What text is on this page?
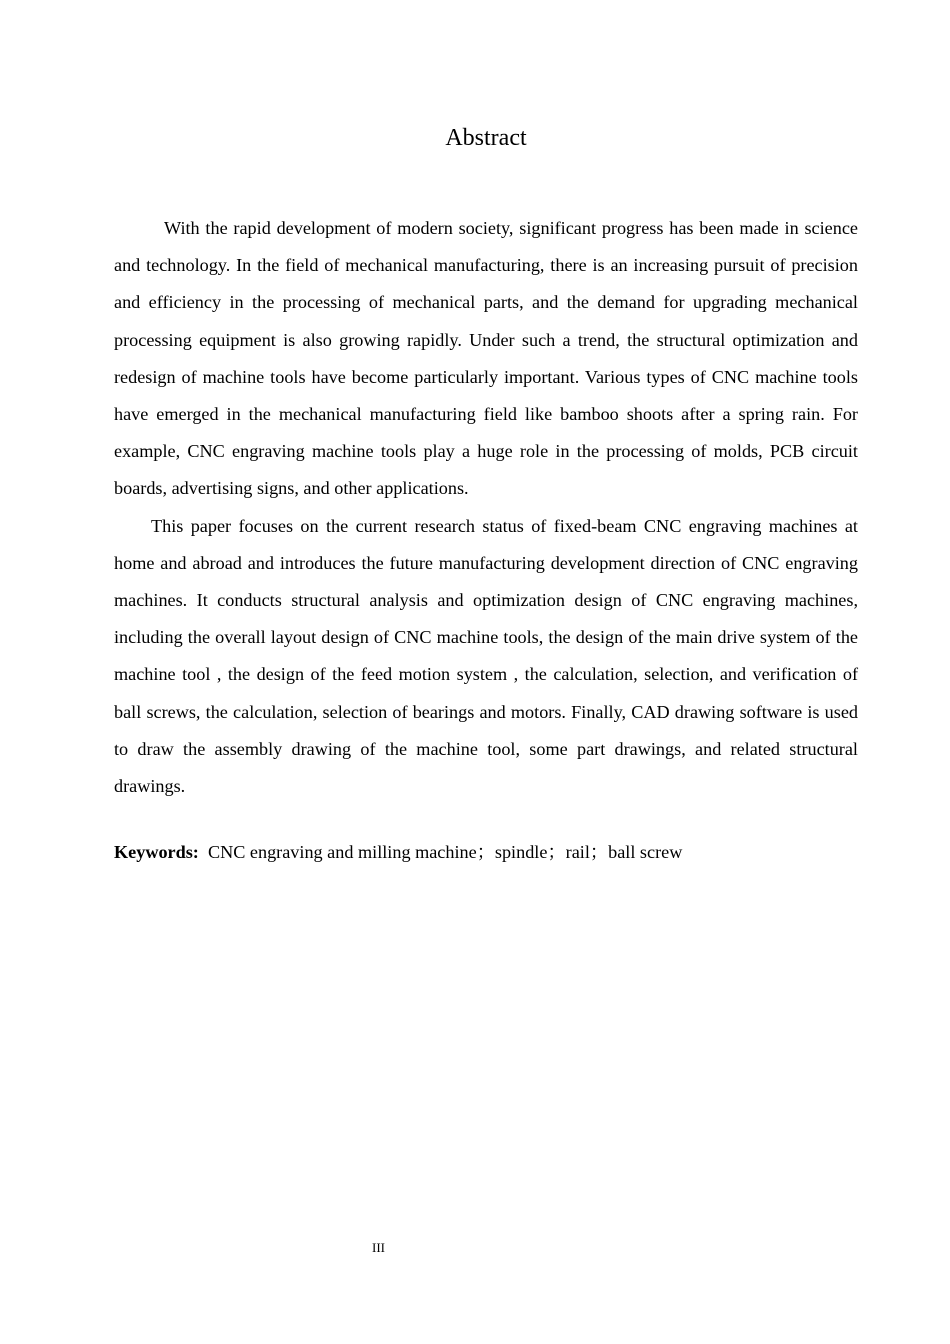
Abstract

With the rapid development of modern society, significant progress has been made in science and technology. In the field of mechanical manufacturing, there is an increasing pursuit of precision and efficiency in the processing of mechanical parts, and the demand for upgrading mechanical processing equipment is also growing rapidly. Under such a trend, the structural optimization and redesign of machine tools have become particularly important. Various types of CNC machine tools have emerged in the mechanical manufacturing field like bamboo shoots after a spring rain. For example, CNC engraving machine tools play a huge role in the processing of molds, PCB circuit boards, advertising signs, and other applications.

This paper focuses on the current research status of fixed-beam CNC engraving machines at home and abroad and introduces the future manufacturing development direction of CNC engraving machines. It conducts structural analysis and optimization design of CNC engraving machines, including the overall layout design of CNC machine tools, the design of the main drive system of the machine tool , the design of the feed motion system , the calculation, selection, and verification of ball screws, the calculation, selection of bearings and motors. Finally, CAD drawing software is used to draw the assembly drawing of the machine tool, some part drawings, and related structural drawings.

Keywords: CNC engraving and milling machine；spindle；rail；ball screw
III
